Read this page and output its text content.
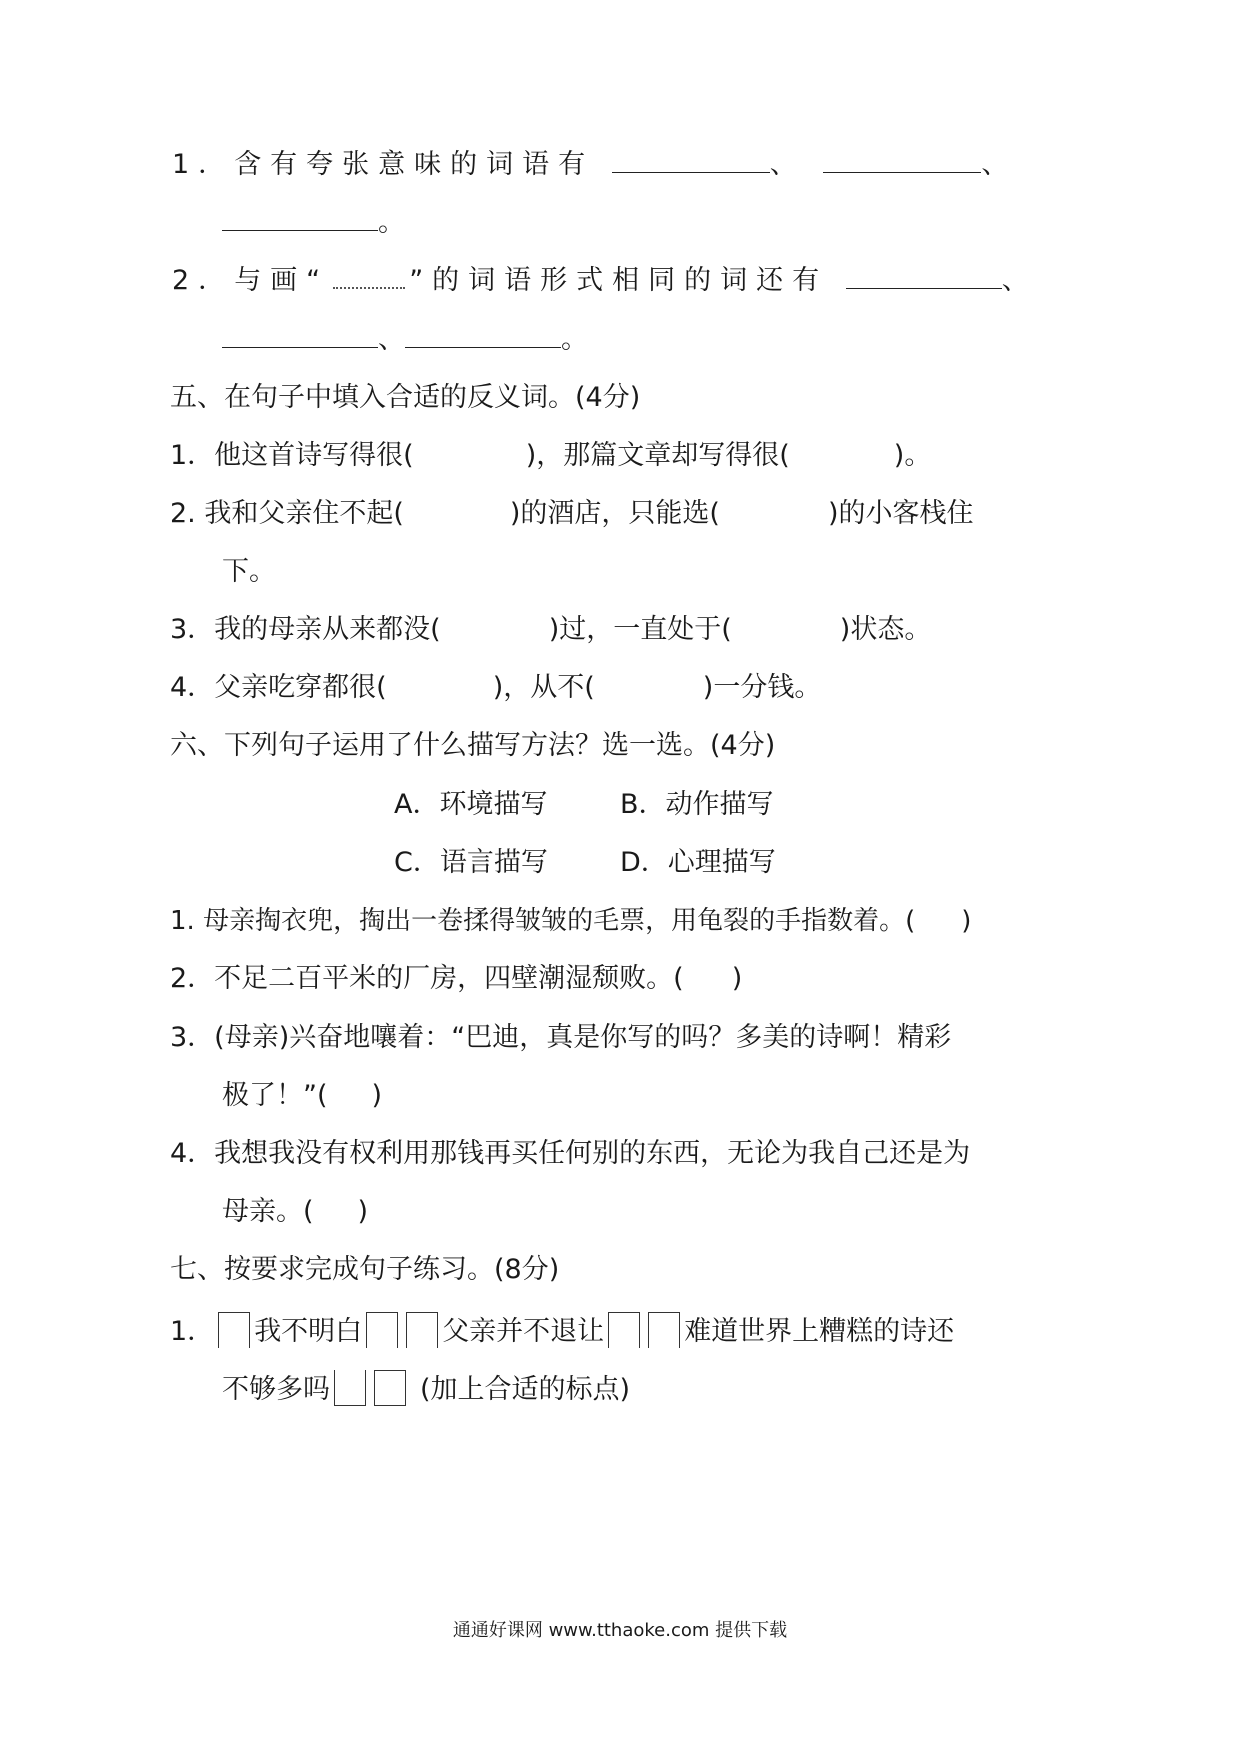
1．含有夸张意味的词语有	、	、
。
2．与画“	”的词语形式相同的词还有	、
、	。
五、在句子中填入合适的反义词。(4分)
1．他这首诗写得很(	)，那篇文章却写得很(	)。
2. 我和父亲住不起(	)的酒店，只能选(	)的小客栈住
下。
3．我的母亲从来都没(	)过，一直处于(	)状态。
4．父亲吃穿都很(	)，从不(	)一分钱。
六、下列句子运用了什么描写方法？选一选。(4分)
A．环境描写	B．动作描写
C．语言描写	D．心理描写
1. 母亲掏衣兜，掏出一卷揉得皱皱的毛票，用龟裂的手指数着。( )
2．不足二百平米的厂房，四壁潮湿颓败。( )
3．(母亲)兴奋地嚷着：“巴迪，真是你写的吗？多美的诗啊！精彩
极了！”( )
4．我想我没有权利用那钱再买任何别的东西，无论为我自己还是为
母亲。( )
七、按要求完成句子练习。(8分)
1． 我不明白	父亲并不退让	难道世界上糟糕的诗还
不够多吗	(加上合适的标点)
通通好课网 www.tthaoke.com 提供下载
